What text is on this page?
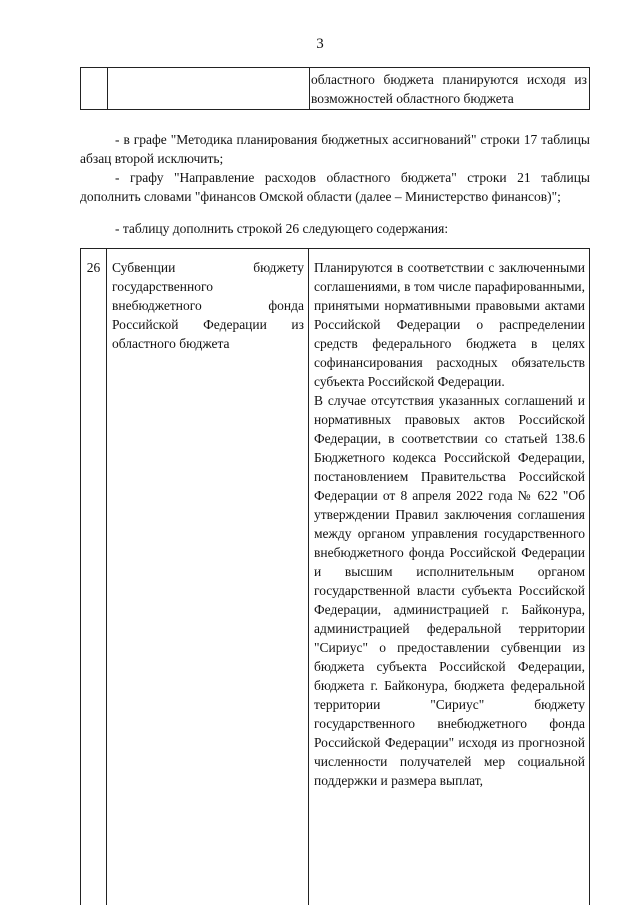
3
областного бюджета планируются исходя из возможностей областного бюджета
- в графе "Методика планирования бюджетных ассигнований" строки 17 таблицы абзац второй исключить;
- графу "Направление расходов областного бюджета" строки 21 таблицы дополнить словами "финансов Омской области (далее – Министерство финансов)";
- таблицу дополнить строкой 26 следующего содержания:
26 Субвенции бюджету государственного внебюджетного фонда Российской Федерации из областного бюджета

Планируются в соответствии с заключенными соглашениями, в том числе парафированными, принятыми нормативными правовыми актами Российской Федерации о распределении средств федерального бюджета в целях софинансирования расходных обязательств субъекта Российской Федерации.

В случае отсутствия указанных соглашений и нормативных правовых актов Российской Федерации, в соответствии со статьей 138.6 Бюджетного кодекса Российской Федерации, постановлением Правительства Российской Федерации от 8 апреля 2022 года № 622 "Об утверждении Правил заключения соглашения между органом управления государственного внебюджетного фонда Российской Федерации и высшим исполнительным органом государственной власти субъекта Российской Федерации, администрацией г. Байконура, администрацией федеральной территории "Сириус" о предоставлении субвенции из бюджета субъекта Российской Федерации, бюджета г. Байконура, бюджета федеральной территории "Сириус" бюджету государственного внебюджетного фонда Российской Федерации" исходя из прогнозной численности получателей мер социальной поддержки и размера выплат,
